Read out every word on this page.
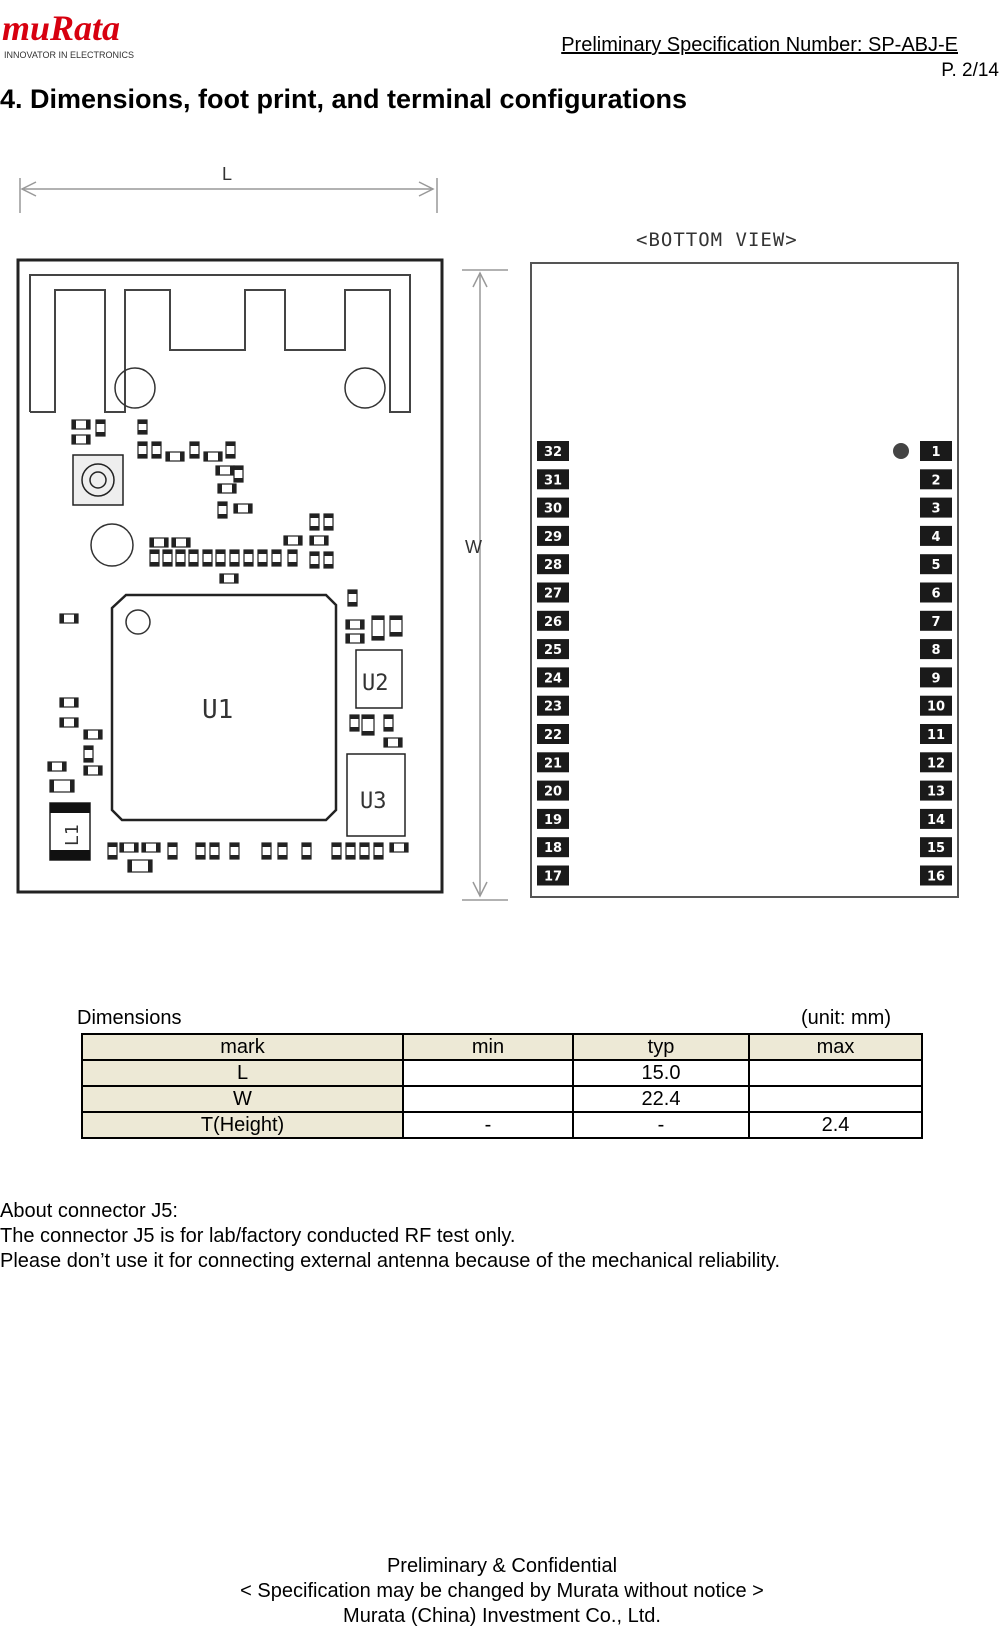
muRata
INNOVATOR IN ELECTRONICS	Preliminary Specification Number: SP-ABJ-E
P. 2/14
4. Dimensions, foot print, and terminal configurations
L
W
U1
U2
U3
L1
<BOTTOM VIEW>
32
31
30
29
28
27
26
25
24
23
22
21
20
19
18
17
1
2
3
4
5
6
7
8
9
10
11
12
13
14
15
16
Dimensions	(unit: mm)
mark	min	typ	max
L		15.0	
W		22.4	
T(Height)	-	-	2.4
About connector J5:
The connector J5 is for lab/factory conducted RF test only.
Please don’t use it for connecting external antenna because of the mechanical reliability.
Preliminary & Confidential
< Specification may be changed by Murata without notice >
Murata (China) Investment Co., Ltd.
